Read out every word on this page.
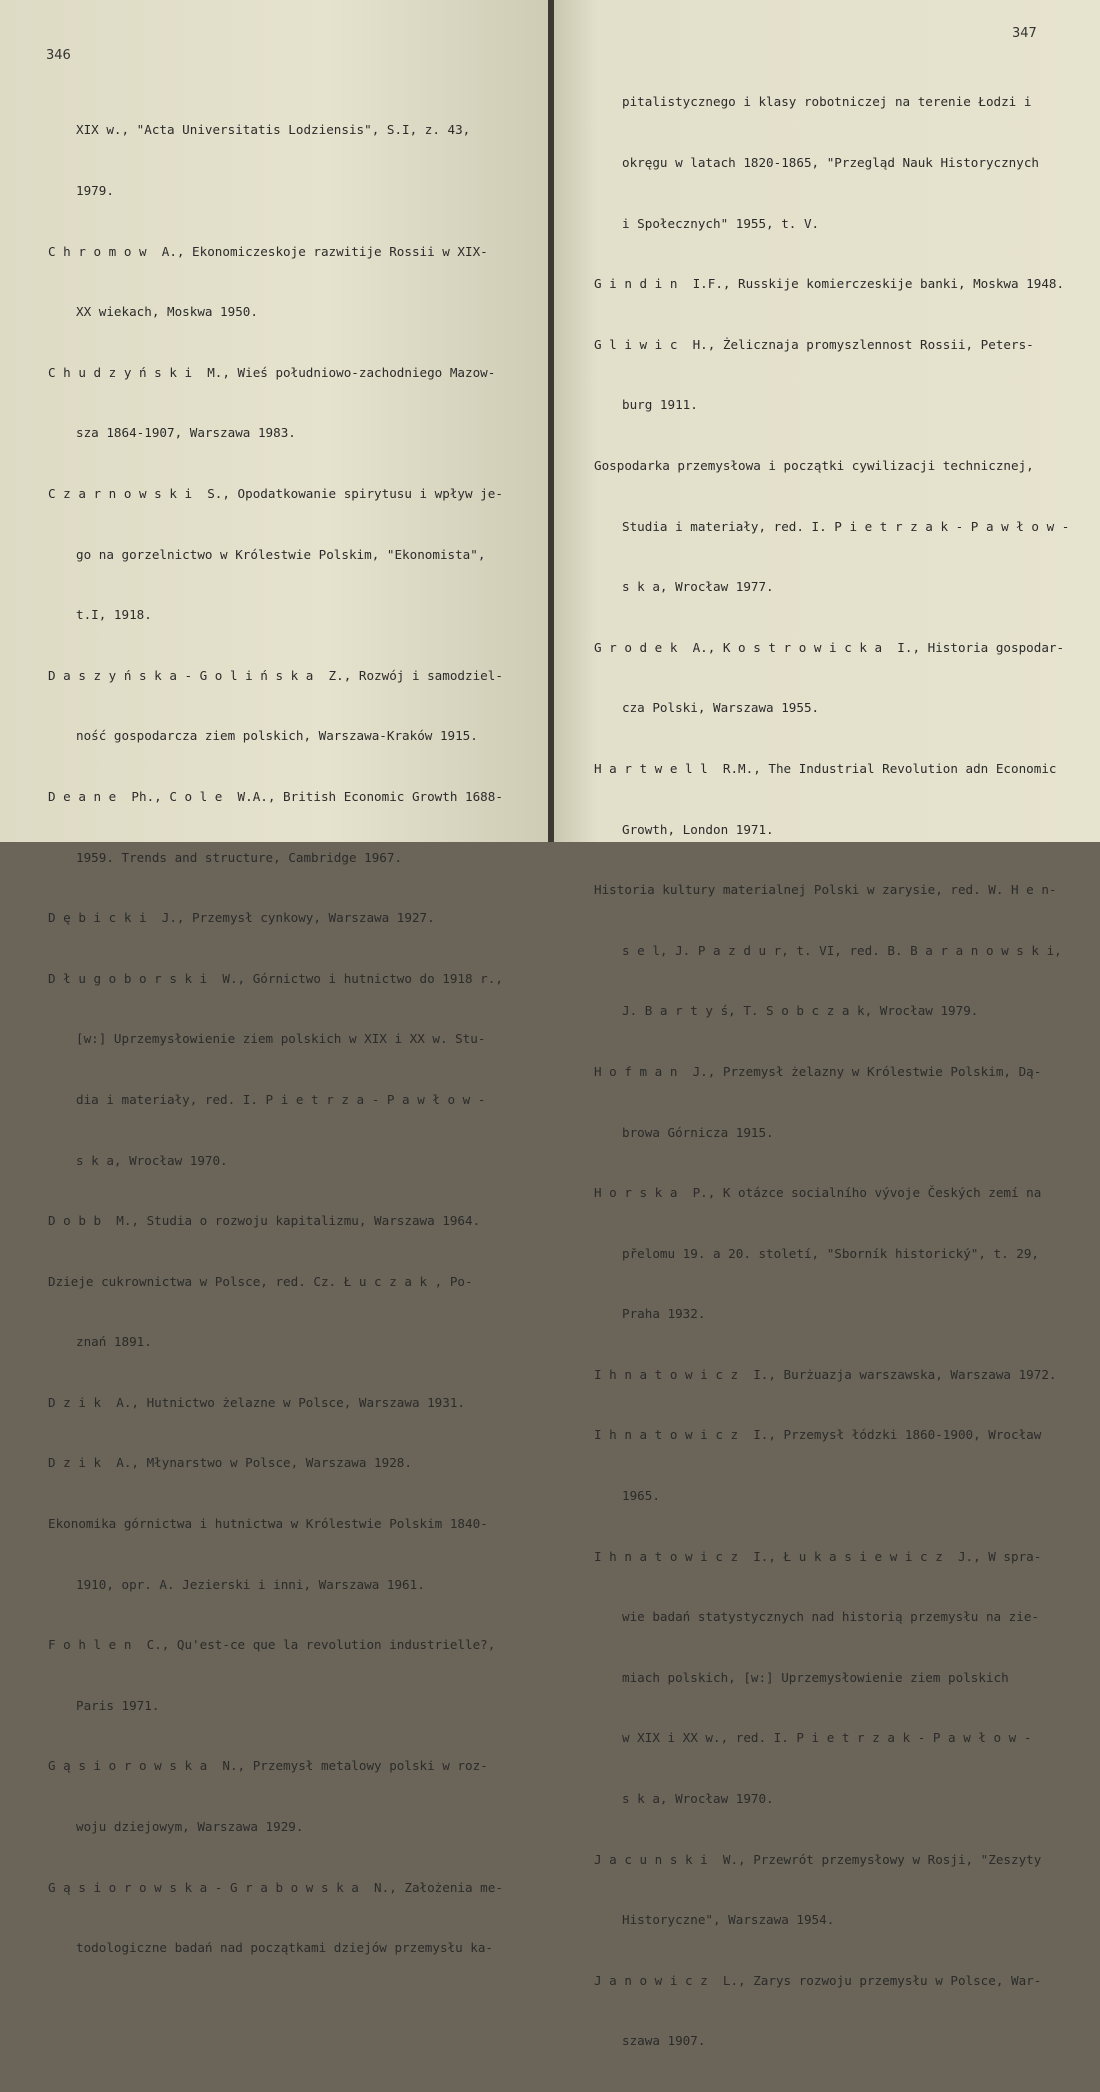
346

XIX w., "Acta Universitatis Lodziensis", S.I, z. 43,

1979.

C h r o m o w  A., Ekonomiczeskoje razwitije Rossii w XIX-

XX wiekach, Moskwa 1950.

C h u d z y ń s k i  M., Wieś południowo-zachodniego Mazow-

sza 1864-1907, Warszawa 1983.

C z a r n o w s k i  S., Opodatkowanie spirytusu i wpływ je-

go na gorzelnictwo w Królestwie Polskim, "Ekonomista",

t.I, 1918.

D a s z y ń s k a - G o l i ń s k a  Z., Rozwój i samodziel-

ność gospodarcza ziem polskich, Warszawa-Kraków 1915.

D e a n e  Ph., C o l e  W.A., British Economic Growth 1688-

1959. Trends and structure, Cambridge 1967.

D ę b i c k i  J., Przemysł cynkowy, Warszawa 1927.

D ł u g o b o r s k i  W., Górnictwo i hutnictwo do 1918 r.,

[w:] Uprzemysłowienie ziem polskich w XIX i XX w. Stu-

dia i materiały, red. I. P i e t r z a - P a w ł o w -

s k a, Wrocław 1970.

D o b b  M., Studia o rozwoju kapitalizmu, Warszawa 1964.

Dzieje cukrownictwa w Polsce, red. Cz. Ł u c z a k , Po-

znań 1891.

D z i k  A., Hutnictwo żelazne w Polsce, Warszawa 1931.

D z i k  A., Młynarstwo w Polsce, Warszawa 1928.

Ekonomika górnictwa i hutnictwa w Królestwie Polskim 1840-

1910, opr. A. Jezierski i inni, Warszawa 1961.

F o h l e n  C., Qu'est-ce que la revolution industrielle?,

Paris 1971.

G ą s i o r o w s k a  N., Przemysł metalowy polski w roz-

woju dziejowym, Warszawa 1929.

G ą s i o r o w s k a - G r a b o w s k a  N., Założenia me-

todologiczne badań nad początkami dziejów przemysłu ka-

347

pitalistycznego i klasy robotniczej na terenie Łodzi i

okręgu w latach 1820-1865, "Przegląd Nauk Historycznych

i Społecznych" 1955, t. V.

G i n d i n  I.F., Russkije komierczeskije banki, Moskwa 1948.

G l i w i c  H., Żelicznaja promyszlennost Rossii, Peters-

burg 1911.

Gospodarka przemysłowa i początki cywilizacji technicznej,

Studia i materiały, red. I. P i e t r z a k - P a w ł o w -

s k a, Wrocław 1977.

G r o d e k  A., K o s t r o w i c k a  I., Historia gospodar-

cza Polski, Warszawa 1955.

H a r t w e l l  R.M., The Industrial Revolution adn Economic

Growth, London 1971.

Historia kultury materialnej Polski w zarysie, red. W. H e n-

s e l, J. P a z d u r, t. VI, red. B. B a r a n o w s k i,

J. B a r t y ś, T. S o b c z a k, Wrocław 1979.

H o f m a n  J., Przemysł żelazny w Królestwie Polskim, Dą-

browa Górnicza 1915.

H o r s k a  P., K otázce socialního vývoje Českých zemí na

přelomu 19. a 20. století, "Sborník historický", t. 29,

Praha 1932.

I h n a t o w i c z  I., Burżuazja warszawska, Warszawa 1972.

I h n a t o w i c z  I., Przemysł łódzki 1860-1900, Wrocław

1965.

I h n a t o w i c z  I., Ł u k a s i e w i c z  J., W spra-

wie badań statystycznych nad historią przemysłu na zie-

miach polskich, [w:] Uprzemysłowienie ziem polskich

w XIX i XX w., red. I. P i e t r z a k - P a w ł o w -

s k a, Wrocław 1970.

J a c u n s k i  W., Przewrót przemysłowy w Rosji, "Zeszyty

Historyczne", Warszawa 1954.

J a n o w i c z  L., Zarys rozwoju przemysłu w Polsce, War-

szawa 1907.
